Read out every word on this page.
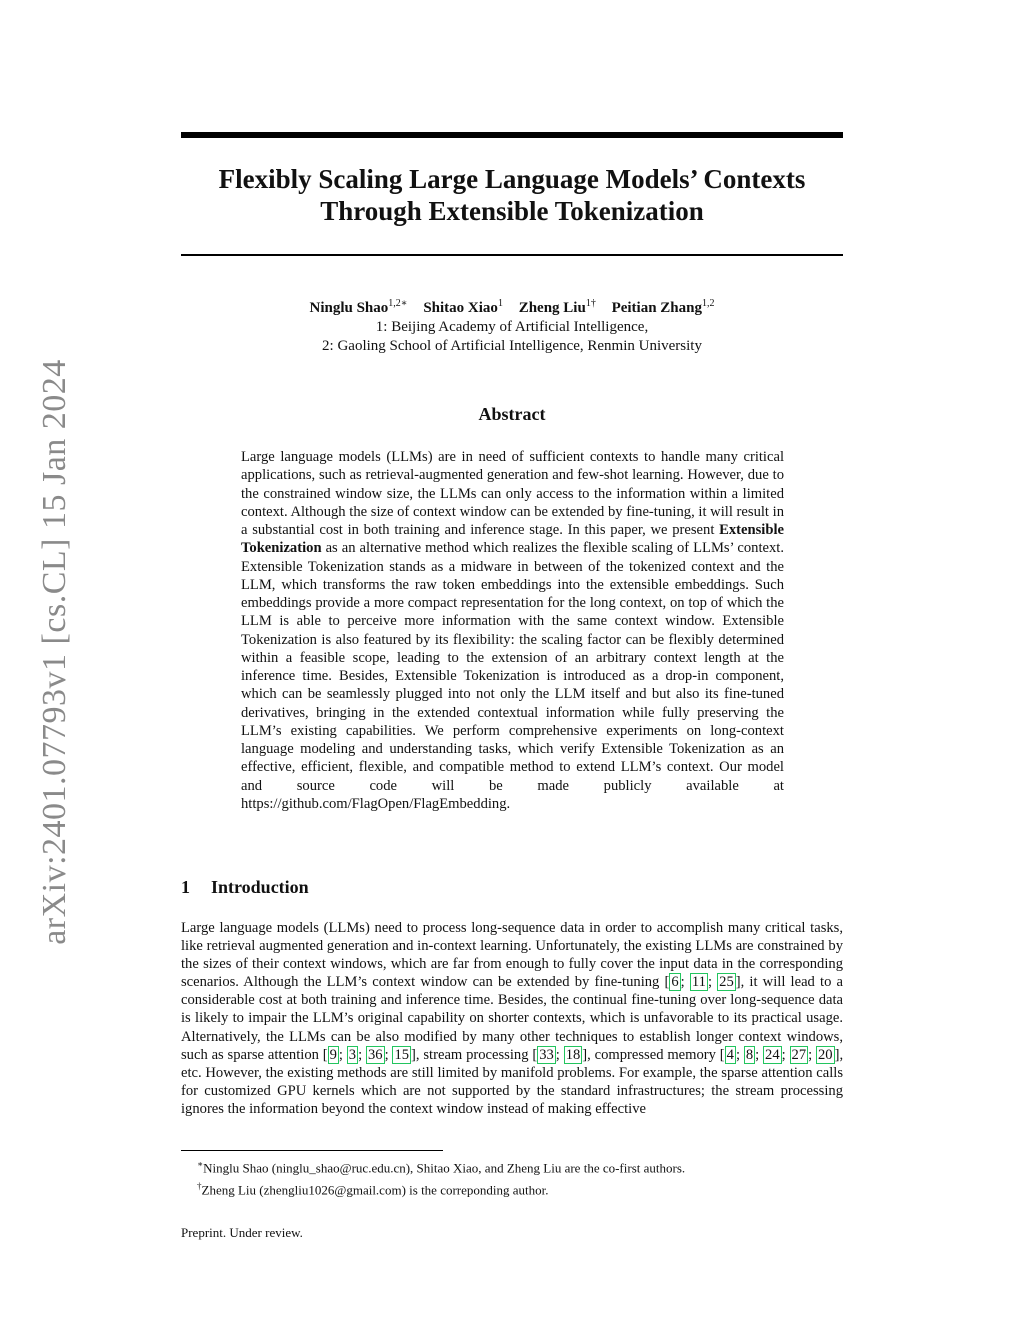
arXiv:2401.07793v1 [cs.CL] 15 Jan 2024
Flexibly Scaling Large Language Models’ Contexts
Through Extensible Tokenization
Ninglu Shao$^{1,2∗}$ Shitao Xiao$^1$ Zheng Liu$^{1\dagger}$ Peitian Zhang$^{1,2}$
1: Beijing Academy of Artificial Intelligence,
2: Gaoling School of Artificial Intelligence, Renmin University
Abstract
Large language models (LLMs) are in need of sufficient contexts to handle many critical applications, such as retrieval-augmented generation and few-shot learning. However, due to the constrained window size, the LLMs can only access to the information within a limited context. Although the size of context window can be extended by fine-tuning, it will result in a substantial cost in both training and inference stage. In this paper, we present Extensible Tokenization as an alternative method which realizes the flexible scaling of LLMs’ context. Extensible Tokenization stands as a midware in between of the tokenized context and the LLM, which transforms the raw token embeddings into the extensible embeddings. Such embeddings provide a more compact representation for the long context, on top of which the LLM is able to perceive more information with the same context window. Extensible Tokenization is also featured by its flexibility: the scaling factor can be flexibly determined within a feasible scope, leading to the extension of an arbitrary context length at the inference time. Besides, Extensible Tokenization is introduced as a drop-in component, which can be seamlessly plugged into not only the LLM itself and but also its fine-tuned derivatives, bringing in the extended contextual information while fully preserving the LLM’s existing capabilities. We perform comprehensive experiments on long-context language modeling and understanding tasks, which verify Extensible Tokenization as an effective, efficient, flexible, and compatible method to extend LLM’s context. Our model and source code will be made publicly available at https://github.com/FlagOpen/FlagEmbedding.
1 Introduction
Large language models (LLMs) need to process long-sequence data in order to accomplish many critical tasks, like retrieval augmented generation and in-context learning. Unfortunately, the existing LLMs are constrained by the sizes of their context windows, which are far from enough to fully cover the input data in the corresponding scenarios. Although the LLM’s context window can be extended by fine-tuning [ 6 ; 11 ; 25 ], it will lead to a considerable cost at both training and inference time. Besides, the continual fine-tuning over long-sequence data is likely to impair the LLM’s original capability on shorter contexts, which is unfavorable to its practical usage. Alternatively, the LLMs can be also modified by many other techniques to establish longer context windows, such as sparse attention [ 9 ; 3 ; 36 ; 15 ], stream processing [ 33 ; 18 ], compressed memory [ 4 ; 8 ; 24 ; 27 ; 20 ], etc. However, the existing methods are still limited by manifold problems. For example, the sparse attention calls for customized GPU kernels which are not supported by the standard infrastructures; the stream processing ignores the information beyond the context window instead of making effective
∗Ninglu Shao (ninglu_shao@ruc.edu.cn), Shitao Xiao, and Zheng Liu are the co-first authors.
†Zheng Liu (zhengliu1026@gmail.com) is the correponding author.
Preprint. Under review.
